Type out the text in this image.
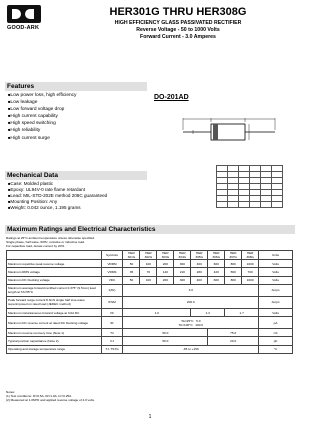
GOOD-ARK
HER301G THRU HER308G
HIGH EFFICIENCY GLASS PASSIVATED RECTIFIER
Reverse Voltage - 50 to 1000 Volts
Forward Current - 3.0 Amperes
Features
■ Low power loss, high efficiency
■ Low leakage
■ Low forward voltage drop
■ High current capability
■ High speed switching
■ High reliability
■ High current surge
DO-201AD

Mechanical Data
■ Case: Molded plastic
■ Epoxy: UL94V-0 rate flame retardant
■ Lead: MIL-STD-202E method 208C guaranteed
■ Mounting Position: Any
■ Weight: 0.042 ounce, 1.195 grams
Maximum Ratings and Electrical Characteristics
Ratings at 25°C ambient temperature unless otherwise specified.
Single phase, half wave, 60Hz, resistive or inductive load.
For capacitive load, derate current by 20%.
	Symbols	HER 301G	HER 302G	HER 303G	HER 304G	HER 305G	HER 306G	HER 307G	HER 308G	Units
Maximum repetitive peak reverse voltage	VRRM	50	100	200	300	400	600	800	1000	Volts
Maximum RMS voltage	VRMS	35	70	140	210	280	420	560	700	Volts
Maximum DC blocking voltage	VDC	50	100	200	300	400	600	800	1000	Volts
Maximum average forward rectified current 0.375" (9.5mm) lead length at TA=55°C	I(AV)	3.0								Amps
Peak forward surge current 8.3mS single half sine-wave superimposed on rated load (JEDEC method)	IFSM	200.0								Amps
Maximum instantaneous forward voltage at 3.0A DC	VF	1.0				1.3		1.7		Volts
Maximum DC reverse current at rated DC blocking voltage	IR	TA=25°C 5.0
TA=100°C 100.0								µA
Maximum reverse recovery time (Note 1)	Trr	50.0					75.0			nS
Typical junction capacitance (Note 2)	CJ	50.0					20.0			pF
Operating and storage temperature range	TJ, TSTG	-65 to +150								°C
Notes:
(1) Test conditions: IF=0.5A, IR=1.0A, Irr=0.25A.
(2) Measured at 1.0MHz and applied reverse voltage of 4.0 volts.
1
